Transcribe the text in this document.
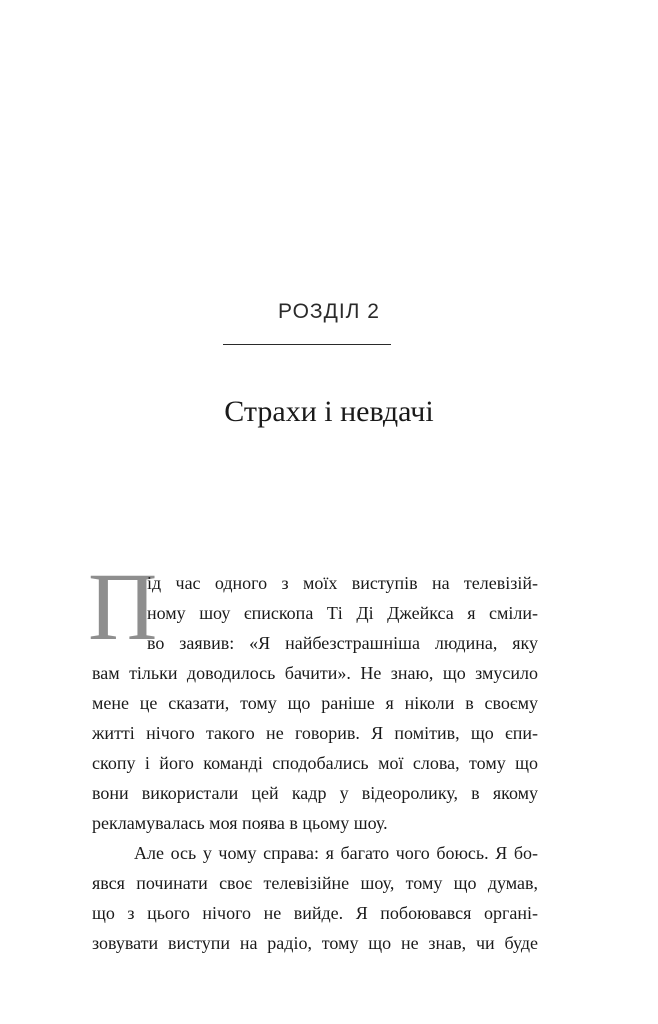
РОЗДІЛ 2
Страхи і невдачі
П
ід час одного з моїх виступів на телевізій-
ному шоу єпископа Ті Ді Джейкса я сміли-
во заявив: «Я найбезстрашніша людина, яку
вам тільки доводилось бачити». Не знаю, що змусило
мене це сказати, тому що раніше я ніколи в своєму
житті нічого такого не говорив. Я помітив, що єпи-
скопу і його команді сподобались мої слова, тому що
вони використали цей кадр у відеоролику, в якому
рекламувалась моя поява в цьому шоу.
Але ось у чому справа: я багато чого боюсь. Я бо-
явся починати своє телевізійне шоу, тому що думав,
що з цього нічого не вийде. Я побоювався органі-
зовувати виступи на радіо, тому що не знав, чи буде
